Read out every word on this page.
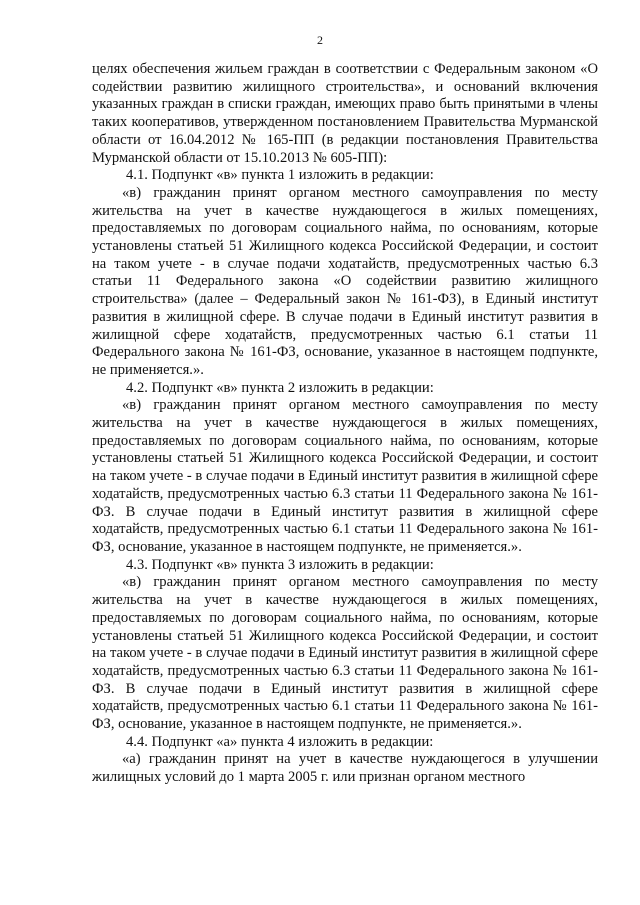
2

целях обеспечения жильем граждан в соответствии с Федеральным законом «О содействии развитию жилищного строительства», и оснований включения указанных граждан в списки граждан, имеющих право быть принятыми в члены таких кооперативов, утвержденном постановлением Правительства Мурманской области от 16.04.2012 № 165-ПП (в редакции постановления Правительства Мурманской области от 15.10.2013 № 605-ПП):

4.1. Подпункт «в» пункта 1 изложить в редакции:

«в) гражданин принят органом местного самоуправления по месту жительства на учет в качестве нуждающегося в жилых помещениях, предоставляемых по договорам социального найма, по основаниям, которые установлены статьей 51 Жилищного кодекса Российской Федерации, и состоит на таком учете - в случае подачи ходатайств, предусмотренных частью 6.3 статьи 11 Федерального закона «О содействии развитию жилищного строительства» (далее – Федеральный закон № 161-ФЗ), в Единый институт развития в жилищной сфере. В случае подачи в Единый институт развития в жилищной сфере ходатайств, предусмотренных частью 6.1 статьи 11 Федерального закона № 161-ФЗ, основание, указанное в настоящем подпункте, не применяется.».

4.2. Подпункт «в» пункта 2 изложить в редакции:

«в) гражданин принят органом местного самоуправления по месту жительства на учет в качестве нуждающегося в жилых помещениях, предоставляемых по договорам социального найма, по основаниям, которые установлены статьей 51 Жилищного кодекса Российской Федерации, и состоит на таком учете - в случае подачи в Единый институт развития в жилищной сфере ходатайств, предусмотренных частью 6.3 статьи 11 Федерального закона № 161-ФЗ. В случае подачи в Единый институт развития в жилищной сфере ходатайств, предусмотренных частью 6.1 статьи 11 Федерального закона № 161-ФЗ, основание, указанное в настоящем подпункте, не применяется.».

4.3. Подпункт «в» пункта 3 изложить в редакции:

«в) гражданин принят органом местного самоуправления по месту жительства на учет в качестве нуждающегося в жилых помещениях, предоставляемых по договорам социального найма, по основаниям, которые установлены статьей 51 Жилищного кодекса Российской Федерации, и состоит на таком учете - в случае подачи в Единый институт развития в жилищной сфере ходатайств, предусмотренных частью 6.3 статьи 11 Федерального закона № 161-ФЗ. В случае подачи в Единый институт развития в жилищной сфере ходатайств, предусмотренных частью 6.1 статьи 11 Федерального закона № 161-ФЗ, основание, указанное в настоящем подпункте, не применяется.».

4.4. Подпункт «а» пункта 4 изложить в редакции:

«а) гражданин принят на учет в качестве нуждающегося в улучшении жилищных условий до 1 марта 2005 г. или признан органом местного
